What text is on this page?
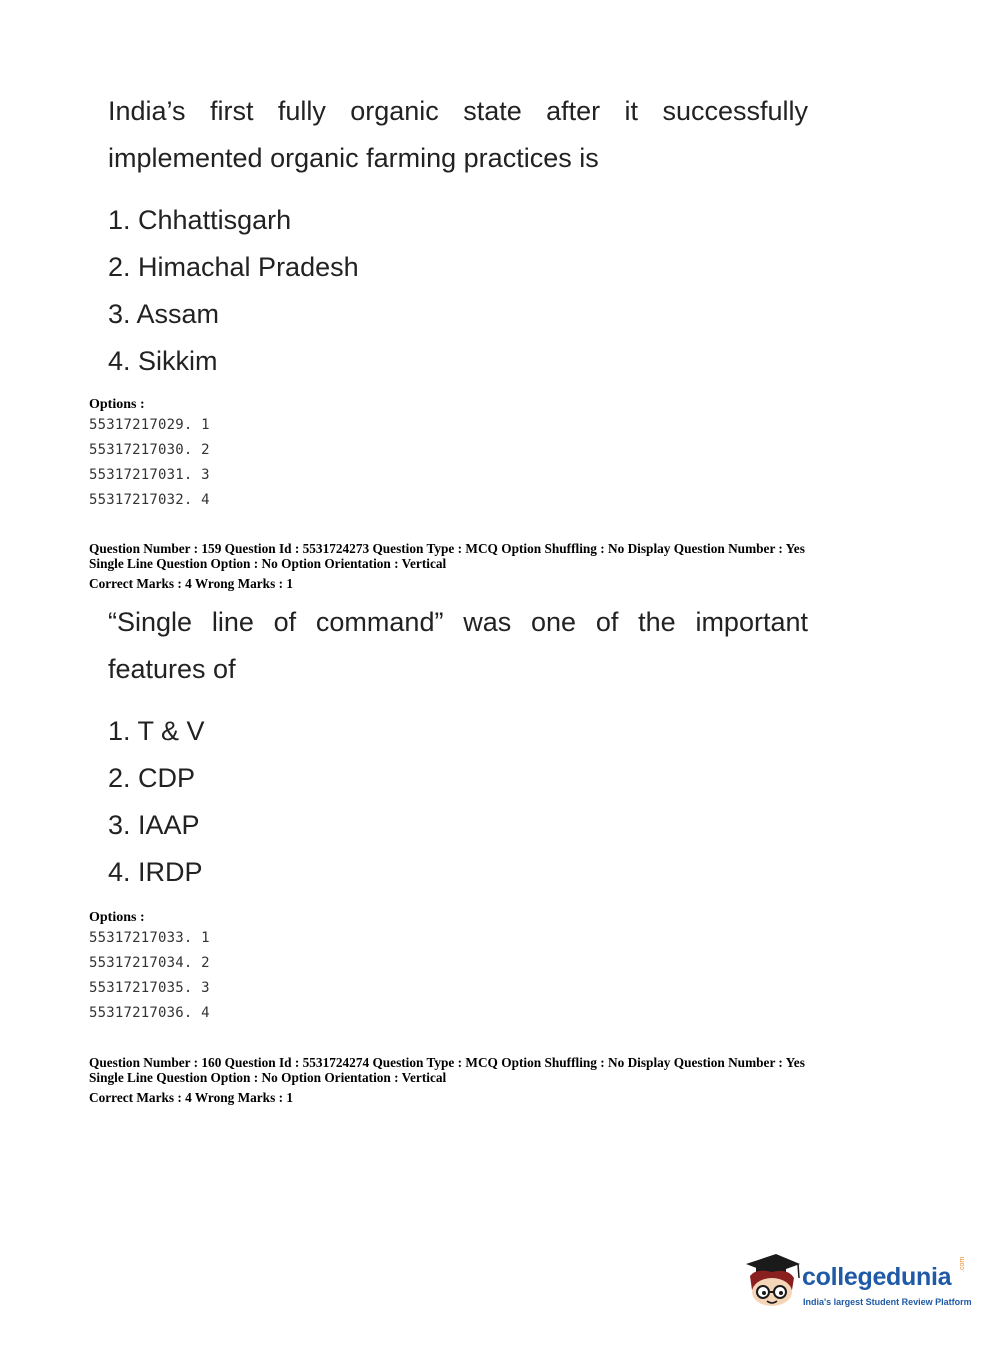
India’s first fully organic state after it successfully
implemented organic farming practices is
1. Chhattisgarh
2. Himachal Pradesh
3. Assam
4. Sikkim
Options :
55317217029. 1
55317217030. 2
55317217031. 3
55317217032. 4
Question Number : 159 Question Id : 5531724273 Question Type : MCQ Option Shuffling : No Display Question Number : Yes
Single Line Question Option : No Option Orientation : Vertical
Correct Marks : 4 Wrong Marks : 1
“Single line of command” was one of the important
features of
1. T & V
2. CDP
3. IAAP
4. IRDP
Options :
55317217033. 1
55317217034. 2
55317217035. 3
55317217036. 4
Question Number : 160 Question Id : 5531724274 Question Type : MCQ Option Shuffling : No Display Question Number : Yes
Single Line Question Option : No Option Orientation : Vertical
Correct Marks : 4 Wrong Marks : 1
collegedunia .com
India's largest Student Review Platform
